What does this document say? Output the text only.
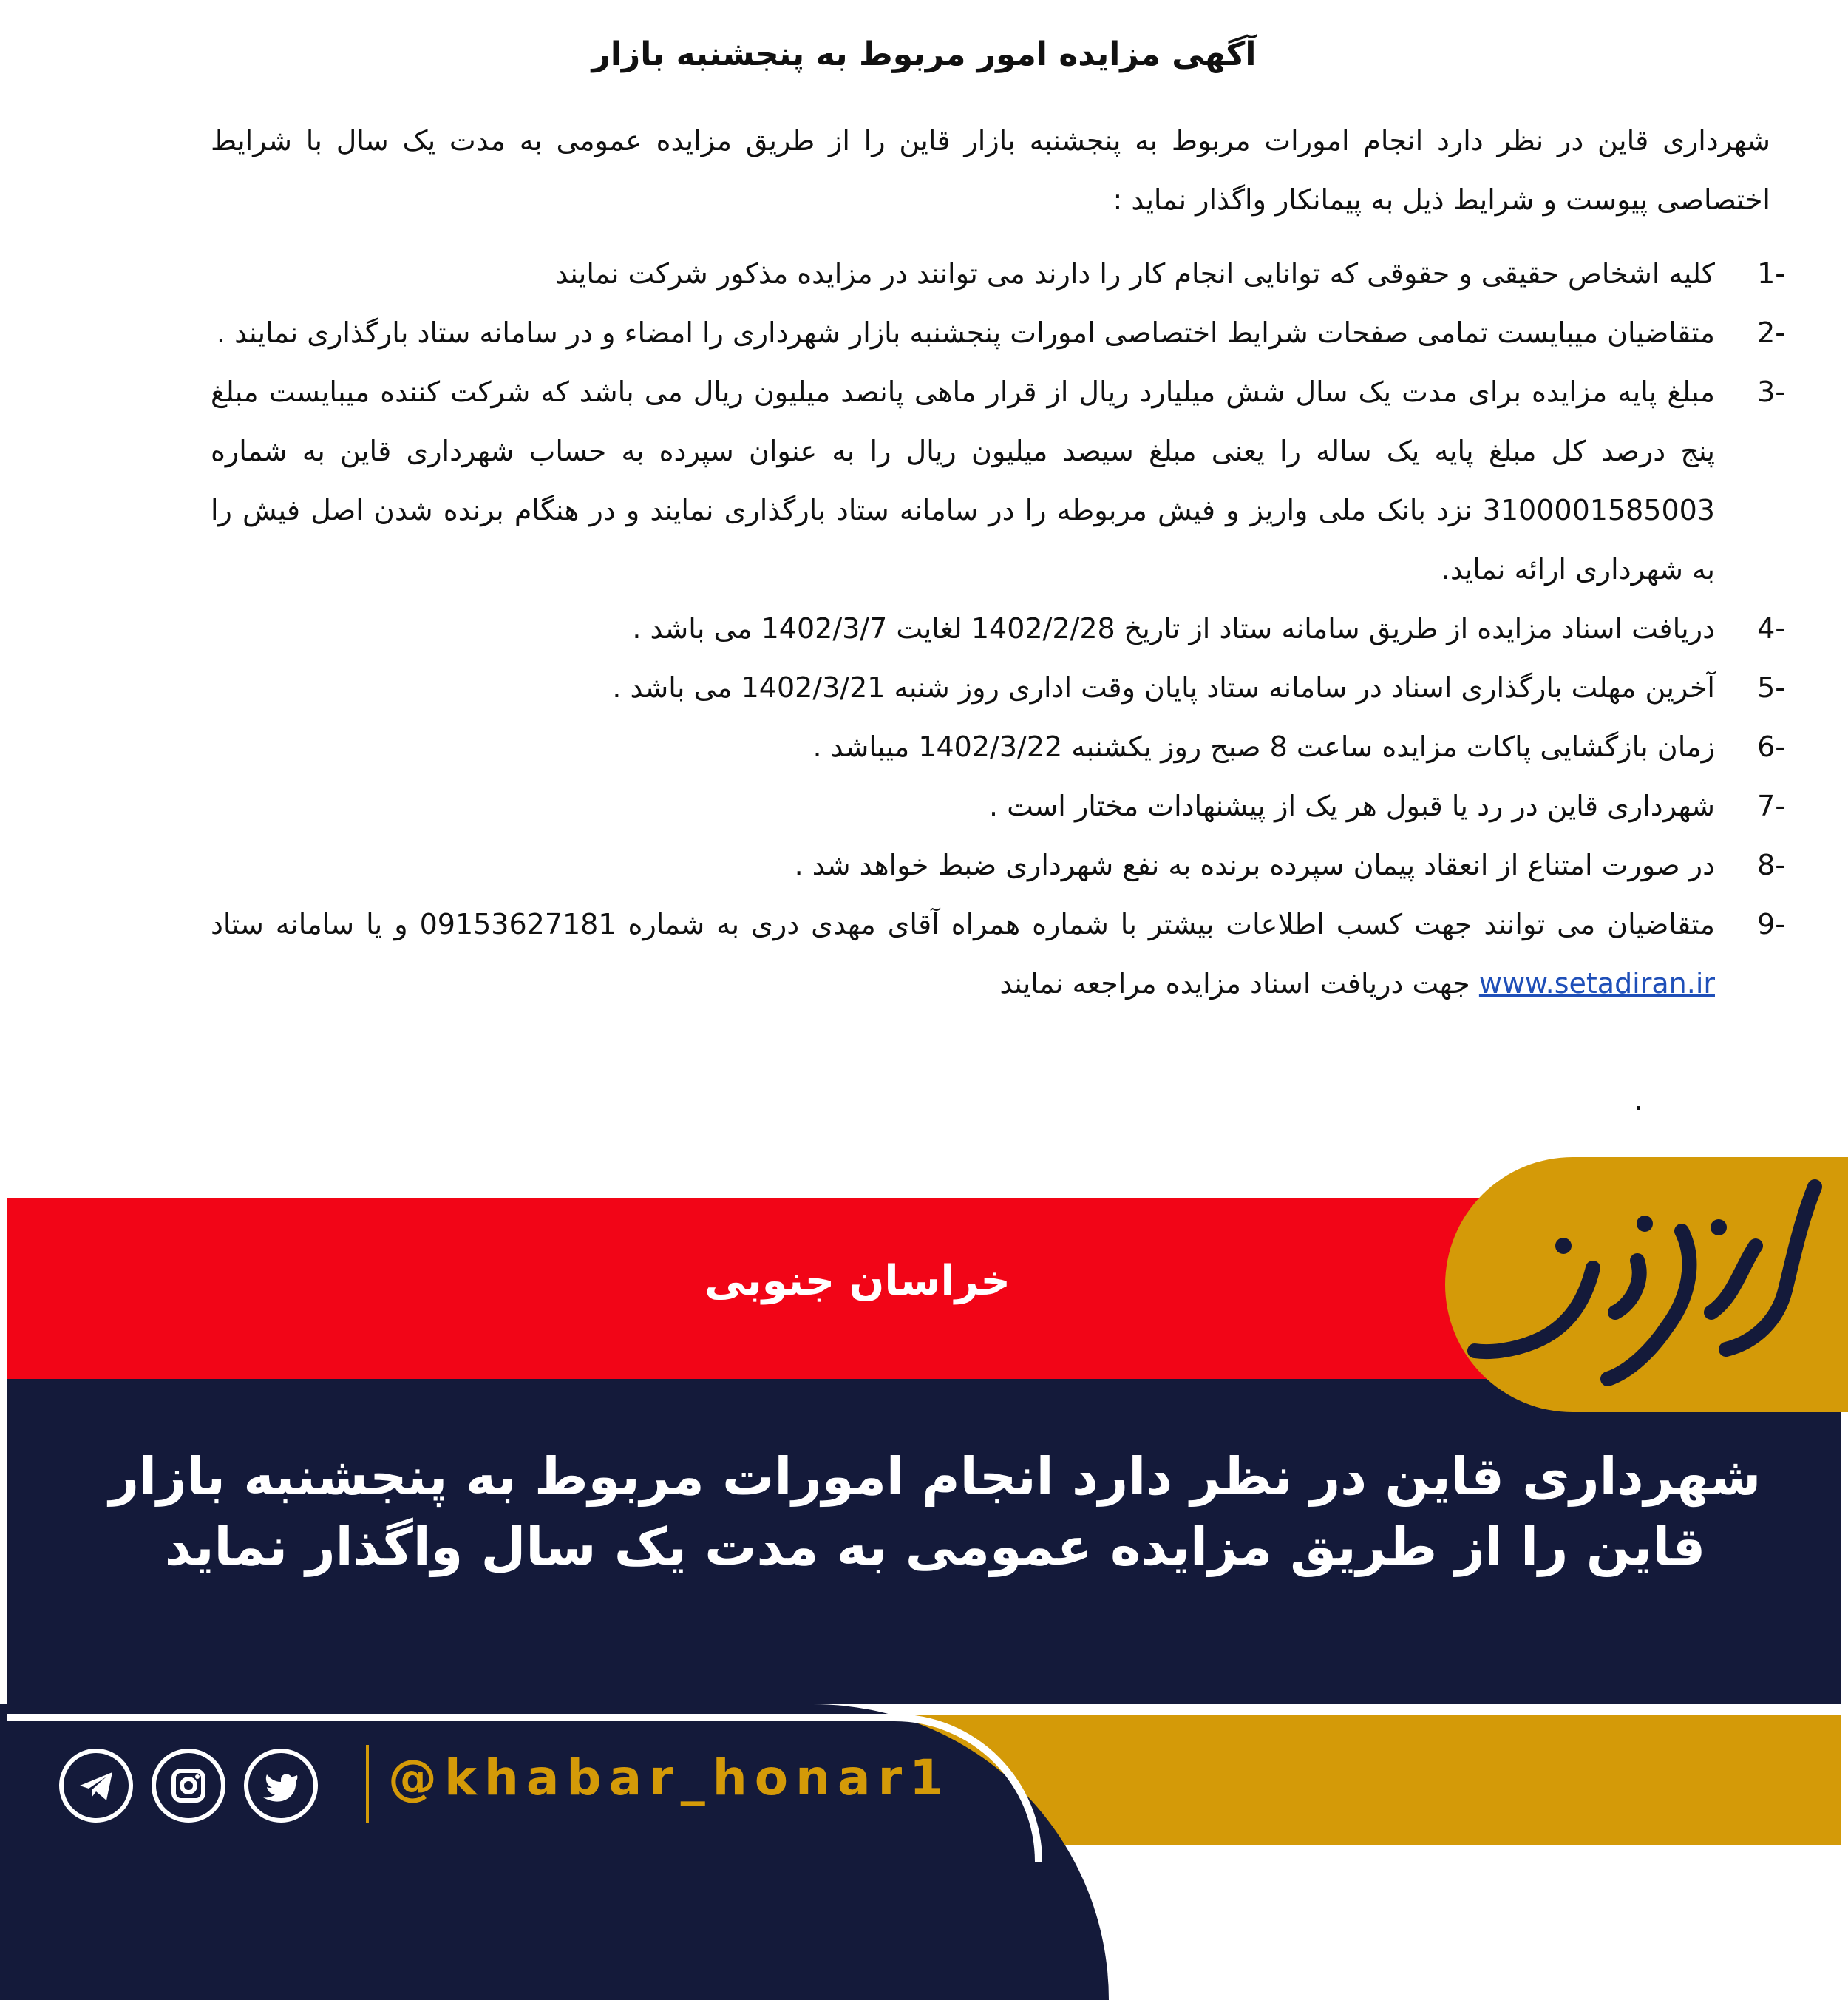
آگهی مزایده امور مربوط به پنجشنبه بازار
شهرداری قاین در نظر دارد انجام امورات مربوط به پنجشنبه بازار قاین را از طریق مزایده عمومی به مدت یک سال با شرایط اختصاصی پیوست و شرایط ذیل به پیمانکار واگذار نماید :
1-
کلیه اشخاص حقیقی و حقوقی که توانایی انجام کار را دارند می توانند در مزایده مذکور شرکت نمایند
2-
متقاضیان میبایست تمامی صفحات شرایط اختصاصی امورات پنجشنبه بازار شهرداری را امضاء و در سامانه ستاد بارگذاری نمایند .
3-
مبلغ پایه مزایده برای مدت یک سال شش میلیارد ریال از قرار ماهی پانصد میلیون ریال می باشد که شرکت کننده میبایست مبلغ پنج درصد کل مبلغ پایه یک ساله را یعنی مبلغ سیصد میلیون ریال را به عنوان سپرده به حساب شهرداری قاین به شماره 3100001585003 نزد بانک ملی واریز و فیش مربوطه را در سامانه ستاد بارگذاری نمایند و در هنگام برنده شدن اصل فیش را به شهرداری ارائه نماید.
4-
دریافت اسناد مزایده از طریق سامانه ستاد از تاریخ 1402/2/28 لغایت 1402/3/7 می باشد .
5-
آخرین مهلت بارگذاری اسناد در سامانه ستاد پایان وقت اداری روز شنبه 1402/3/21 می باشد .
6-
زمان بازگشایی پاکات مزایده ساعت 8 صبح روز یکشنبه 1402/3/22 میباشد .
7-
شهرداری قاین در رد یا قبول هر یک از پیشنهادات مختار است .
8-
در صورت امتناع از انعقاد پیمان سپرده برنده به نفع شهرداری ضبط خواهد شد .
9-
متقاضیان می توانند جهت کسب اطلاعات بیشتر با شماره همراه آقای مهدی دری به شماره 09153627181 و یا سامانه ستاد www.setadiran.ir جهت دریافت اسناد مزایده مراجعه نمایند
.
خراسان جنوبی
شهرداری قاین در نظر دارد انجام امورات مربوط به پنجشنبه بازار قاین را از طریق مزایده عمومی به مدت یک سال واگذار نماید
@khabar_honar1
